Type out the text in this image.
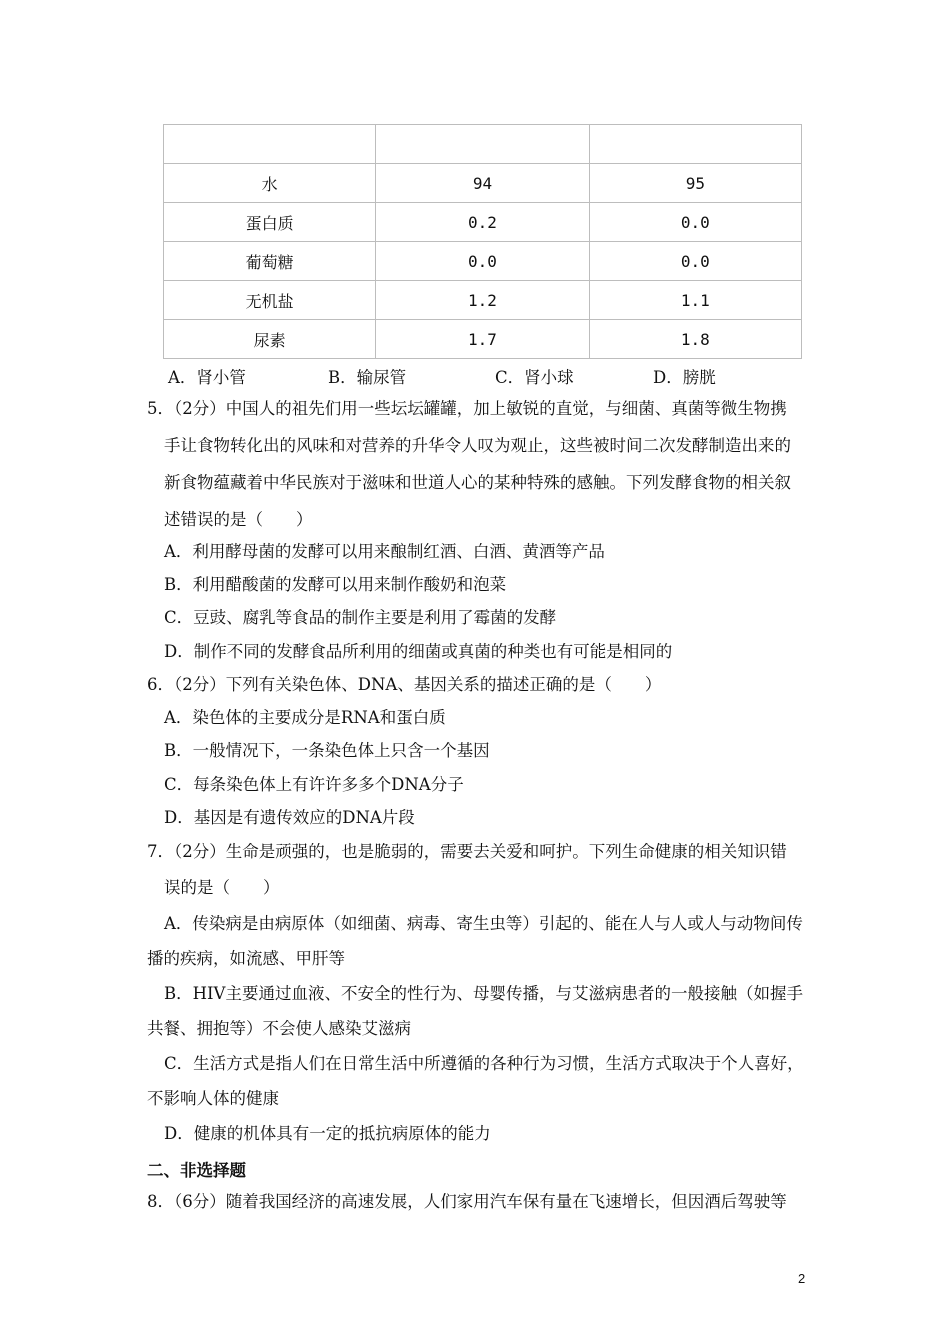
水	94	95
蛋白质	0.2	0.0
葡萄糖	0.0	0.0
无机盐	1.2	1.1
尿素	1.7	1.8
A．肾小管	B．输尿管	C．肾小球	D．膀胱
5．（2分）中国人的祖先们用一些坛坛罐罐，加上敏锐的直觉，与细菌、真菌等微生物携
手让食物转化出的风味和对营养的升华令人叹为观止，这些被时间二次发酵制造出来的
新食物蕴藏着中华民族对于滋味和世道人心的某种特殊的感触。下列发酵食物的相关叙
述错误的是（　　）
A．利用酵母菌的发酵可以用来酿制红酒、白酒、黄酒等产品
B．利用醋酸菌的发酵可以用来制作酸奶和泡菜
C．豆豉、腐乳等食品的制作主要是利用了霉菌的发酵
D．制作不同的发酵食品所利用的细菌或真菌的种类也有可能是相同的
6．（2分）下列有关染色体、DNA、基因关系的描述正确的是（　　）
A．染色体的主要成分是RNA和蛋白质
B．一般情况下，一条染色体上只含一个基因
C．每条染色体上有许许多多个DNA分子
D．基因是有遗传效应的DNA片段
7．（2分）生命是顽强的，也是脆弱的，需要去关爱和呵护。下列生命健康的相关知识错
误的是（　　）
A．传染病是由病原体（如细菌、病毒、寄生虫等）引起的、能在人与人或人与动物间传
播的疾病，如流感、甲肝等
B．HIV主要通过血液、不安全的性行为、母婴传播，与艾滋病患者的一般接触（如握手
共餐、拥抱等）不会使人感染艾滋病
C．生活方式是指人们在日常生活中所遵循的各种行为习惯，生活方式取决于个人喜好，
不影响人体的健康
D．健康的机体具有一定的抵抗病原体的能力
二、非选择题
8．（6分）随着我国经济的高速发展，人们家用汽车保有量在飞速增长，但因酒后驾驶等
2
